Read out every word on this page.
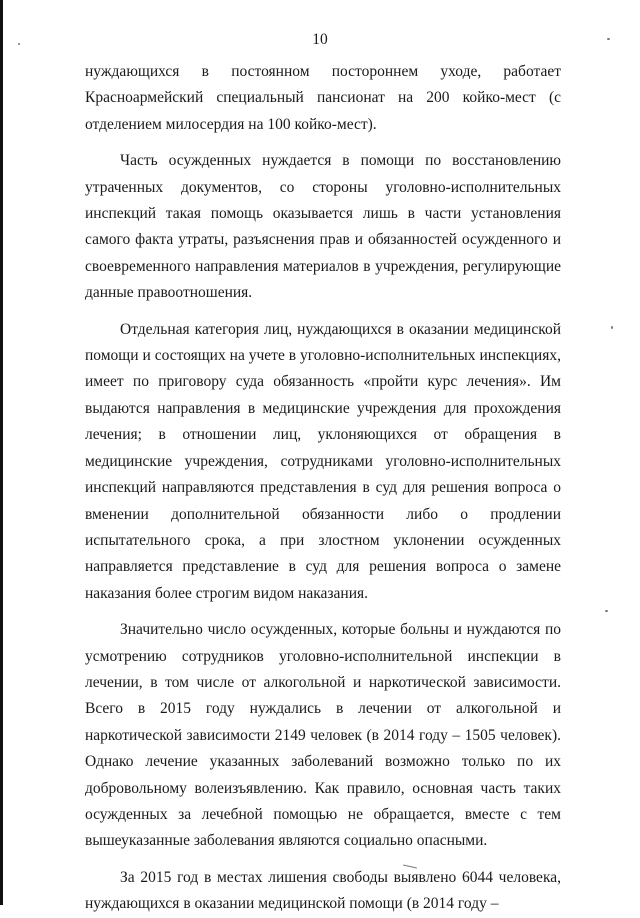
10

нуждающихся в постоянном постороннем уходе, работает Красноармейский специальный пансионат на 200 койко-мест (с отделением милосердия на 100 койко-мест).

Часть осужденных нуждается в помощи по восстановлению утраченных документов, со стороны уголовно-исполнительных инспекций такая помощь оказывается лишь в части установления самого факта утраты, разъяснения прав и обязанностей осужденного и своевременного направления материалов в учреждения, регулирующие данные правоотношения.

Отдельная категория лиц, нуждающихся в оказании медицинской помощи и состоящих на учете в уголовно-исполнительных инспекциях, имеет по приговору суда обязанность «пройти курс лечения». Им выдаются направления в медицинские учреждения для прохождения лечения; в отношении лиц, уклоняющихся от обращения в медицинские учреждения, сотрудниками уголовно-исполнительных инспекций направляются представления в суд для решения вопроса о вменении дополнительной обязанности либо о продлении испытательного срока, а при злостном уклонении осужденных направляется представление в суд для решения вопроса о замене наказания более строгим видом наказания.

Значительно число осужденных, которые больны и нуждаются по усмотрению сотрудников уголовно-исполнительной инспекции в лечении, в том числе от алкогольной и наркотической зависимости. Всего в 2015 году нуждались в лечении от алкогольной и наркотической зависимости 2149 человек (в 2014 году – 1505 человек). Однако лечение указанных заболеваний возможно только по их добровольному волеизъявлению. Как правило, основная часть таких осужденных за лечебной помощью не обращается, вместе с тем вышеуказанные заболевания являются социально опасными.

За 2015 год в местах лишения свободы выявлено 6044 человека, нуждающихся в оказании медицинской помощи (в 2014 году –
